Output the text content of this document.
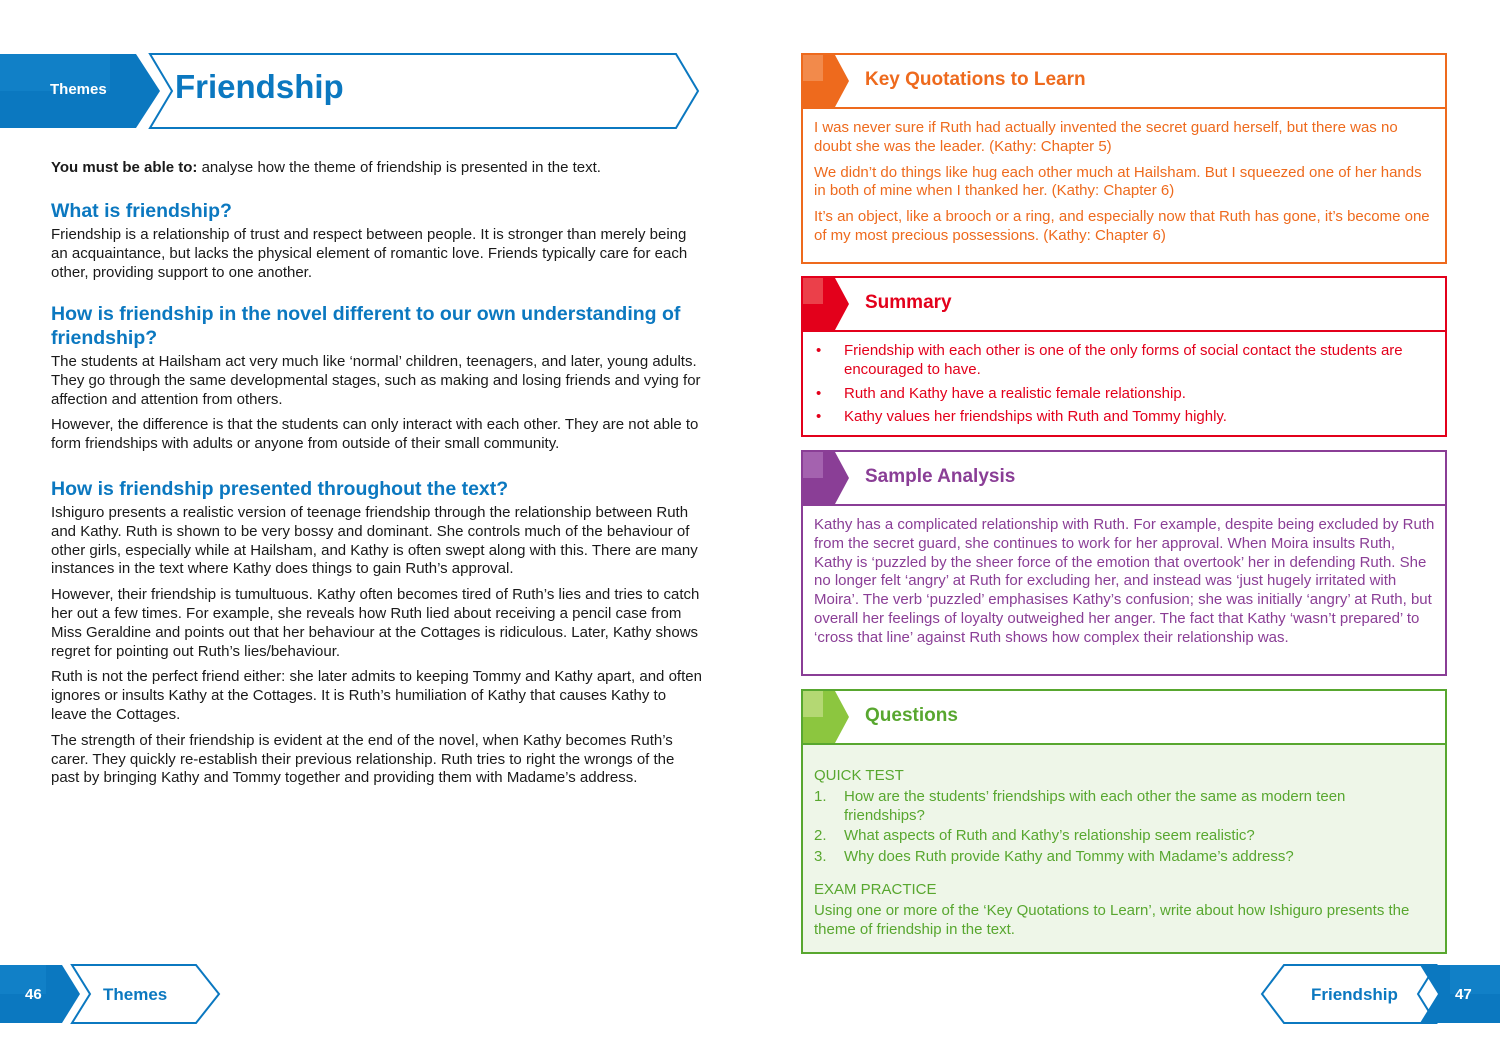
Themes Friendship

You must be able to: analyse how the theme of friendship is presented in the text.

What is friendship?

Friendship is a relationship of trust and respect between people. It is stronger than merely being an acquaintance, but lacks the physical element of romantic love. Friends typically care for each other, providing support to one another.

How is friendship in the novel different to our own understanding of friendship?

The students at Hailsham act very much like ‘normal’ children, teenagers, and later, young adults. They go through the same developmental stages, such as making and losing friends and vying for affection and attention from others.

However, the difference is that the students can only interact with each other. They are not able to form friendships with adults or anyone from outside of their small community.

How is friendship presented throughout the text?

Ishiguro presents a realistic version of teenage friendship through the relationship between Ruth and Kathy. Ruth is shown to be very bossy and dominant. She controls much of the behaviour of other girls, especially while at Hailsham, and Kathy is often swept along with this. There are many instances in the text where Kathy does things to gain Ruth’s approval.

However, their friendship is tumultuous. Kathy often becomes tired of Ruth’s lies and tries to catch her out a few times. For example, she reveals how Ruth lied about receiving a pencil case from Miss Geraldine and points out that her behaviour at the Cottages is ridiculous. Later, Kathy shows regret for pointing out Ruth’s lies/behaviour.

Ruth is not the perfect friend either: she later admits to keeping Tommy and Kathy apart, and often ignores or insults Kathy at the Cottages. It is Ruth’s humiliation of Kathy that causes Kathy to leave the Cottages.

The strength of their friendship is evident at the end of the novel, when Kathy becomes Ruth’s carer. They quickly re-establish their previous relationship. Ruth tries to right the wrongs of the past by bringing Kathy and Tommy together and providing them with Madame’s address.

Key Quotations to Learn

I was never sure if Ruth had actually invented the secret guard herself, but there was no doubt she was the leader. (Kathy: Chapter 5)

We didn’t do things like hug each other much at Hailsham. But I squeezed one of her hands in both of mine when I thanked her. (Kathy: Chapter 6)

It’s an object, like a brooch or a ring, and especially now that Ruth has gone, it’s become one of my most precious possessions. (Kathy: Chapter 6)

Summary
• Friendship with each other is one of the only forms of social contact the students are encouraged to have.
• Ruth and Kathy have a realistic female relationship.
• Kathy values her friendships with Ruth and Tommy highly.
Sample Analysis

Kathy has a complicated relationship with Ruth. For example, despite being excluded by Ruth from the secret guard, she continues to work for her approval. When Moira insults Ruth, Kathy is ‘puzzled by the sheer force of the emotion that overtook’ her in defending Ruth. She no longer felt ‘angry’ at Ruth for excluding her, and instead was ‘just hugely irritated with Moira’. The verb ‘puzzled’ emphasises Kathy’s confusion; she was initially ‘angry’ at Ruth, but overall her feelings of loyalty outweighed her anger. The fact that Kathy ‘wasn’t prepared’ to ‘cross that line’ against Ruth shows how complex their relationship was.

Questions

QUICK TEST

1. How are the students’ friendships with each other the same as modern teen friendships?
2. What aspects of Ruth and Kathy’s relationship seem realistic?
3. Why does Ruth provide Kathy and Tommy with Madame’s address?

EXAM PRACTICE

Using one or more of the ‘Key Quotations to Learn’, write about how Ishiguro presents the theme of friendship in the text.

46	Themes	Friendship	47
